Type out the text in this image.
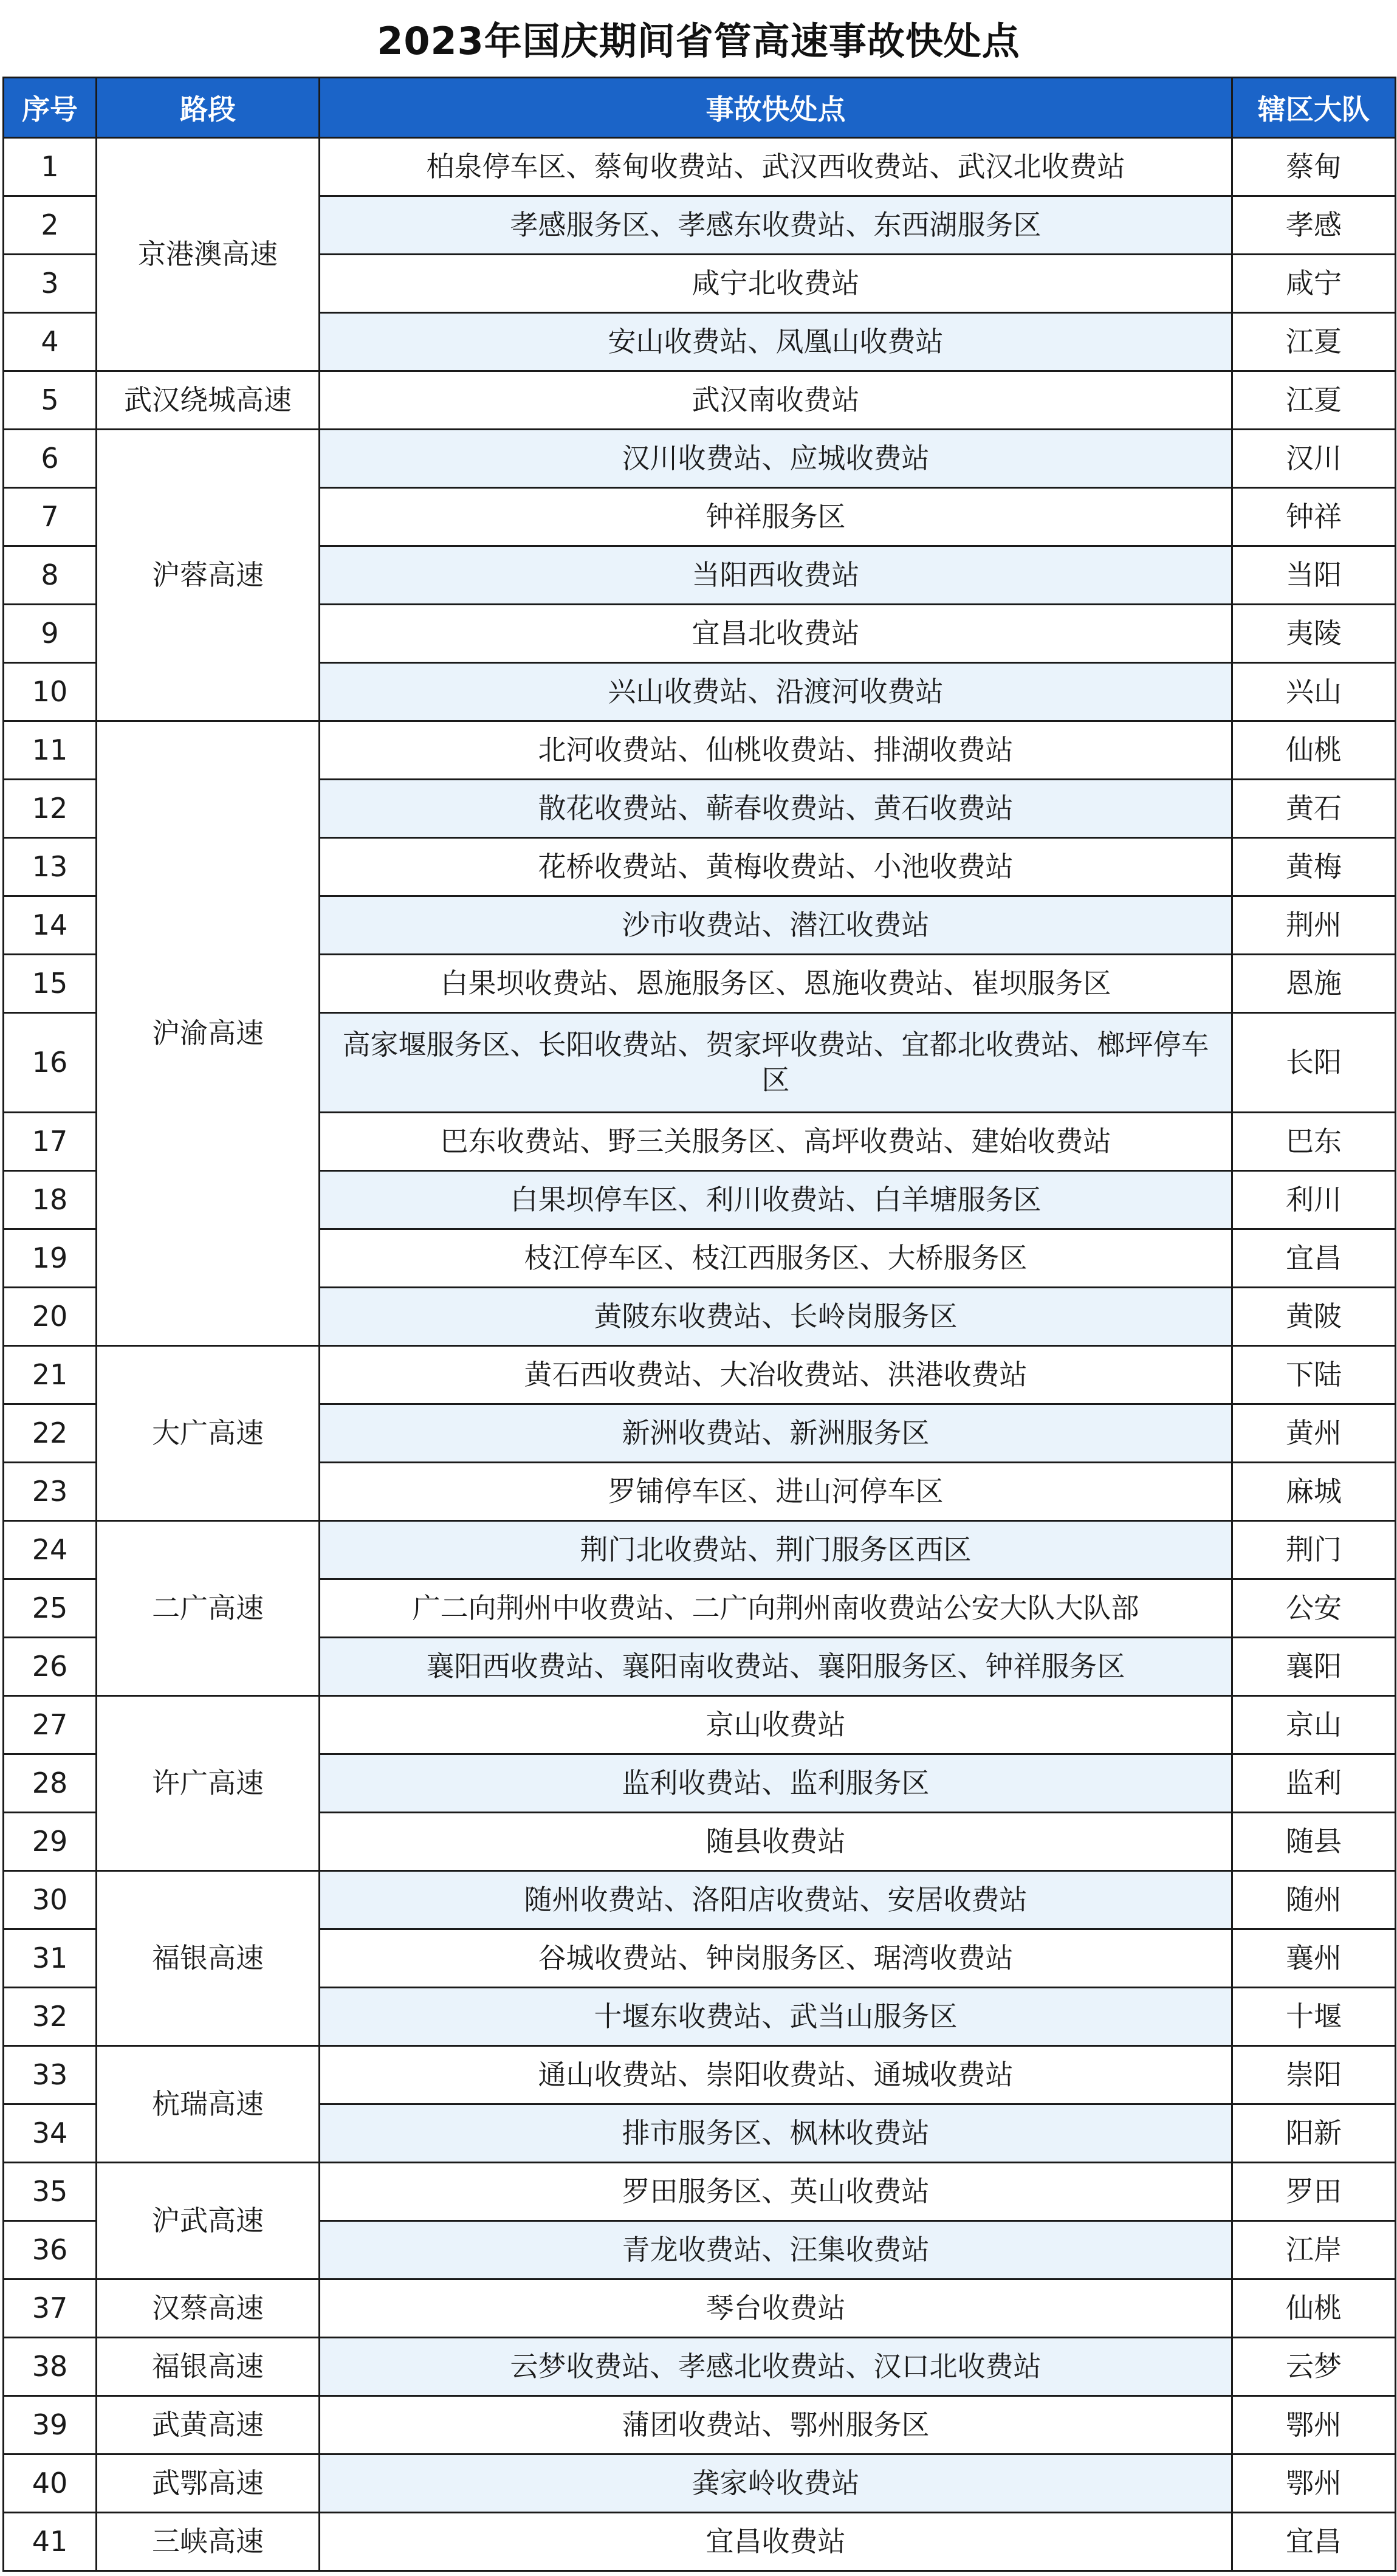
2023年国庆期间省管高速事故快处点
序号	路段	事故快处点	辖区大队
1	京港澳高速	柏泉停车区、蔡甸收费站、武汉西收费站、武汉北收费站	蔡甸
2		孝感服务区、孝感东收费站、东西湖服务区	孝感
3		咸宁北收费站	咸宁
4		安山收费站、凤凰山收费站	江夏
5	武汉绕城高速	武汉南收费站	江夏
6	沪蓉高速	汉川收费站、应城收费站	汉川
7		钟祥服务区	钟祥
8		当阳西收费站	当阳
9		宜昌北收费站	夷陵
10		兴山收费站、沿渡河收费站	兴山
11	沪渝高速	北河收费站、仙桃收费站、排湖收费站	仙桃
12		散花收费站、蕲春收费站、黄石收费站	黄石
13		花桥收费站、黄梅收费站、小池收费站	黄梅
14		沙市收费站、潜江收费站	荆州
15		白果坝收费站、恩施服务区、恩施收费站、崔坝服务区	恩施
16		高家堰服务区、长阳收费站、贺家坪收费站、宜都北收费站、榔坪停车区	长阳
17		巴东收费站、野三关服务区、高坪收费站、建始收费站	巴东
18		白果坝停车区、利川收费站、白羊塘服务区	利川
19		枝江停车区、枝江西服务区、大桥服务区	宜昌
20		黄陂东收费站、长岭岗服务区	黄陂
21	大广高速	黄石西收费站、大冶收费站、洪港收费站	下陆
22		新洲收费站、新洲服务区	黄州
23		罗铺停车区、进山河停车区	麻城
24	二广高速	荆门北收费站、荆门服务区西区	荆门
25		广二向荆州中收费站、二广向荆州南收费站公安大队大队部	公安
26		襄阳西收费站、襄阳南收费站、襄阳服务区、钟祥服务区	襄阳
27	许广高速	京山收费站	京山
28		监利收费站、监利服务区	监利
29		随县收费站	随县
30	福银高速	随州收费站、洛阳店收费站、安居收费站	随州
31		谷城收费站、钟岗服务区、琚湾收费站	襄州
32		十堰东收费站、武当山服务区	十堰
33	杭瑞高速	通山收费站、崇阳收费站、通城收费站	崇阳
34		排市服务区、枫林收费站	阳新
35	沪武高速	罗田服务区、英山收费站	罗田
36		青龙收费站、汪集收费站	江岸
37	汉蔡高速	琴台收费站	仙桃
38	福银高速	云梦收费站、孝感北收费站、汉口北收费站	云梦
39	武黄高速	蒲团收费站、鄂州服务区	鄂州
40	武鄂高速	龚家岭收费站	鄂州
41	三峡高速	宜昌收费站	宜昌
